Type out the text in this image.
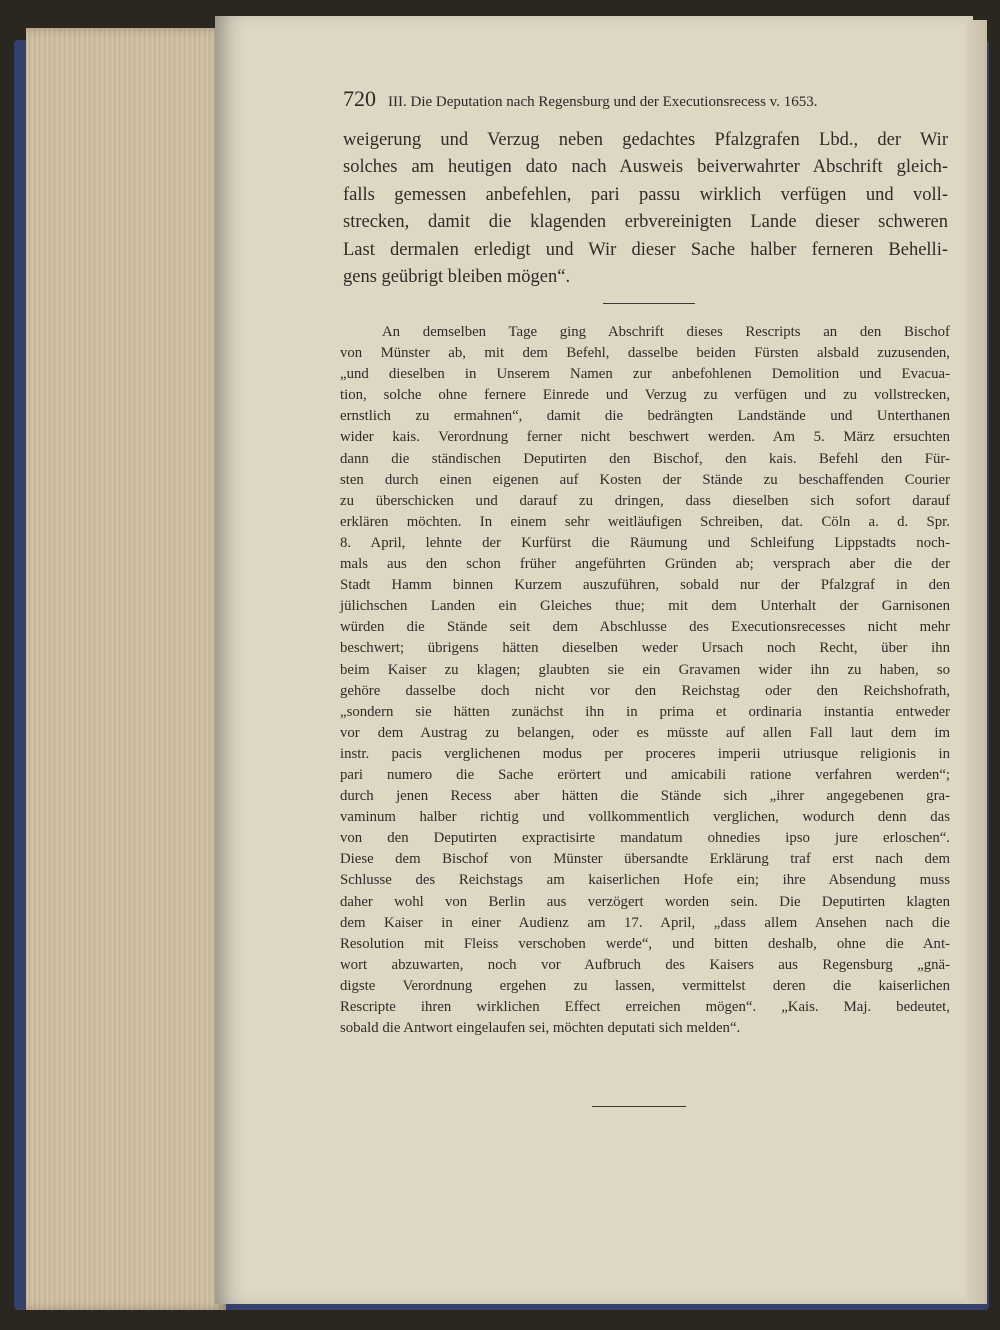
720 III. Die Deputation nach Regensburg und der Executionsrecess v. 1653.
weigerung und Verzug neben gedachtes Pfalzgrafen Lbd., der Wir
solches am heutigen dato nach Ausweis beiverwahrter Abschrift gleich-
falls gemessen anbefehlen, pari passu wirklich verfügen und voll-
strecken, damit die klagenden erbvereinigten Lande dieser schweren
Last dermalen erledigt und Wir dieser Sache halber ferneren Behelli-
gens geübrigt bleiben mögen“.
An demselben Tage ging Abschrift dieses Rescripts an den Bischof
von Münster ab, mit dem Befehl, dasselbe beiden Fürsten alsbald zuzusenden,
„und dieselben in Unserem Namen zur anbefohlenen Demolition und Evacua-
tion, solche ohne fernere Einrede und Verzug zu verfügen und zu vollstrecken,
ernstlich zu ermahnen“, damit die bedrängten Landstände und Unterthanen
wider kais. Verordnung ferner nicht beschwert werden. Am 5. März ersuchten
dann die ständischen Deputirten den Bischof, den kais. Befehl den Für-
sten durch einen eigenen auf Kosten der Stände zu beschaffenden Courier
zu überschicken und darauf zu dringen, dass dieselben sich sofort darauf
erklären möchten. In einem sehr weitläufigen Schreiben, dat. Cöln a. d. Spr.
8. April, lehnte der Kurfürst die Räumung und Schleifung Lippstadts noch-
mals aus den schon früher angeführten Gründen ab; versprach aber die der
Stadt Hamm binnen Kurzem auszuführen, sobald nur der Pfalzgraf in den
jülichschen Landen ein Gleiches thue; mit dem Unterhalt der Garnisonen
würden die Stände seit dem Abschlusse des Executionsrecesses nicht mehr
beschwert; übrigens hätten dieselben weder Ursach noch Recht, über ihn
beim Kaiser zu klagen; glaubten sie ein Gravamen wider ihn zu haben, so
gehöre dasselbe doch nicht vor den Reichstag oder den Reichshofrath,
„sondern sie hätten zunächst ihn in prima et ordinaria instantia entweder
vor dem Austrag zu belangen, oder es müsste auf allen Fall laut dem im
instr. pacis verglichenen modus per proceres imperii utriusque religionis in
pari numero die Sache erörtert und amicabili ratione verfahren werden“;
durch jenen Recess aber hätten die Stände sich „ihrer angegebenen gra-
vaminum halber richtig und vollkommentlich verglichen, wodurch denn das
von den Deputirten expractisirte mandatum ohnedies ipso jure erloschen“.
Diese dem Bischof von Münster übersandte Erklärung traf erst nach dem
Schlusse des Reichstags am kaiserlichen Hofe ein; ihre Absendung muss
daher wohl von Berlin aus verzögert worden sein. Die Deputirten klagten
dem Kaiser in einer Audienz am 17. April, „dass allem Ansehen nach die
Resolution mit Fleiss verschoben werde“, und bitten deshalb, ohne die Ant-
wort abzuwarten, noch vor Aufbruch des Kaisers aus Regensburg „gnä-
digste Verordnung ergehen zu lassen, vermittelst deren die kaiserlichen
Rescripte ihren wirklichen Effect erreichen mögen“. „Kais. Maj. bedeutet,
sobald die Antwort eingelaufen sei, möchten deputati sich melden“.
